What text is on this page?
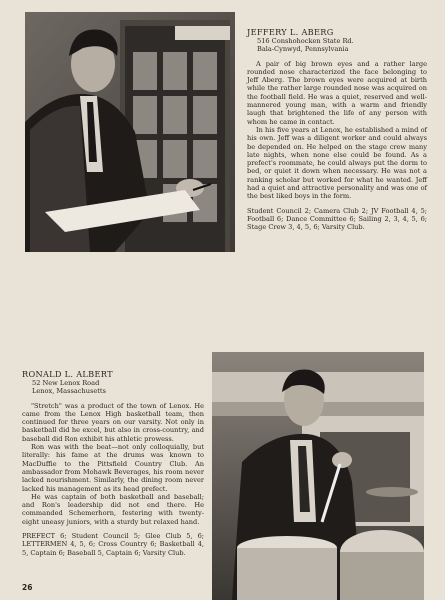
JEFFERY L. ABERG
516 Conshohocken State Rd.
Bala-Cynwyd, Pennsylvania

A pair of big brown eyes and a rather large rounded nose characterized the face belonging to Jeff Aberg. The brown eyes were acquired at birth while the rather large rounded nose was acquired on the football field. He was a quiet, reserved and well-mannered young man, with a warm and friendly laugh that brightened the life of any person with whom he came in contact.

In his five years at Lenox, he established a mind of his own. Jeff was a diligent worker and could always be depended on. He helped on the stage crew many late nights, when none else could be found. As a prefect's roommate, he could always put the dorm to bed, or quiet it down when necessary. He was not a ranking scholar but worked for what he wanted. Jeff had a quiet and attractive personality and was one of the best liked boys in the form.

Student Council 2; Camera Club 2; JV Football 4, 5; Football 6; Dance Committee 6; Sailing 2, 3, 4, 5, 6; Stage Crew 3, 4, 5, 6; Varsity Club.
RONALD L. ALBERT
52 New Lenox Road
Lenox, Massachusetts

"Stretch" was a product of the town of Lenox. He came from the Lenox High basketball team, then continued for three years on our varsity. Not only in basketball did he excel, but also in cross-country, and baseball did Ron exhibit his athletic prowess.

Ron was with the beat—not only colloquially, but literally: his fame at the drums was known to MacDuffie to the Pittsfield Country Club. An ambassador from Mohawk Beverages, his room never lacked nourishment. Similarly, the dining room never lacked his management as its head prefect.

He was captain of both basketball and baseball; and Ron's leadership did not end there. He commanded Schemerhorn, festering with twenty-eight uneasy juniors, with a sturdy but relaxed hand.

PREFECT 6; Student Council 5; Glee Club 5, 6; LETTERMEN 4, 5, 6; Cross Country 6; Basketball 4, 5, Captain 6; Baseball 5, Captain 6; Varsity Club.
26
